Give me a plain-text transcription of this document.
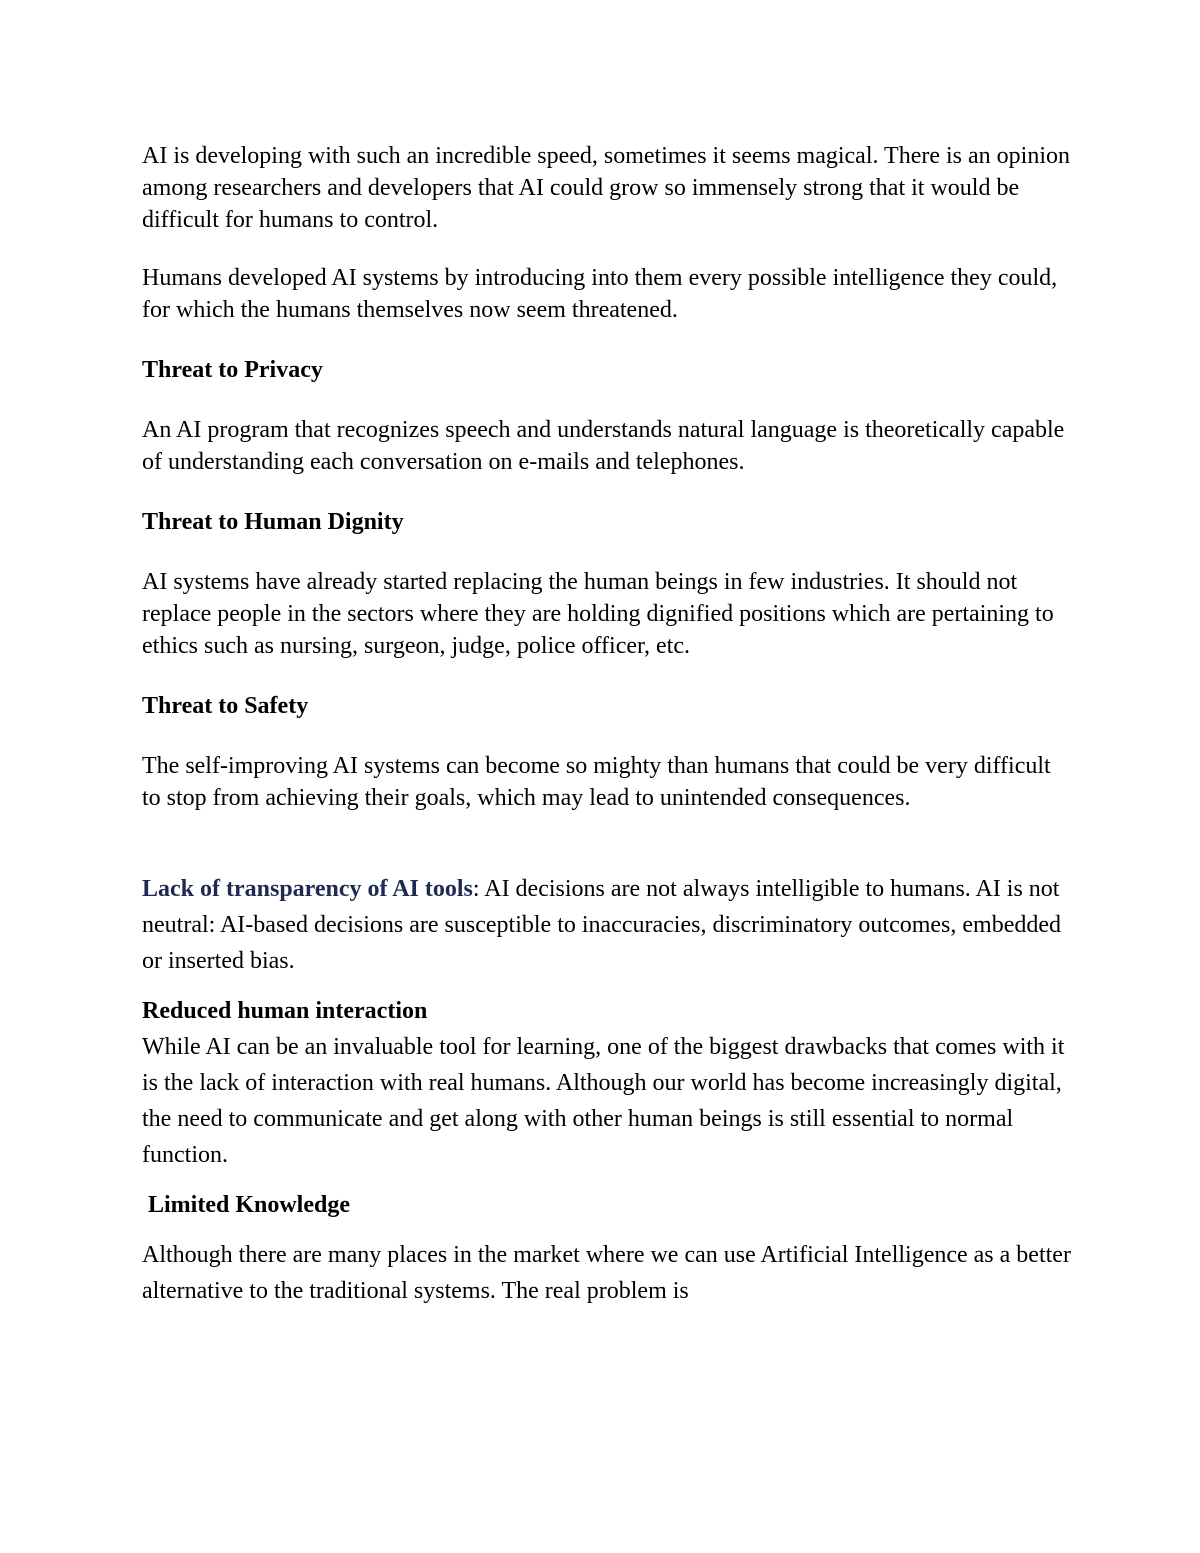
AI is developing with such an incredible speed, sometimes it seems magical. There is an opinion among researchers and developers that AI could grow so immensely strong that it would be difficult for humans to control.

Humans developed AI systems by introducing into them every possible intelligence they could, for which the humans themselves now seem threatened.

Threat to Privacy

An AI program that recognizes speech and understands natural language is theoretically capable of understanding each conversation on e-mails and telephones.

Threat to Human Dignity

AI systems have already started replacing the human beings in few industries. It should not replace people in the sectors where they are holding dignified positions which are pertaining to ethics such as nursing, surgeon, judge, police officer, etc.

Threat to Safety

The self-improving AI systems can become so mighty than humans that could be very difficult to stop from achieving their goals, which may lead to unintended consequences.

Lack of transparency of AI tools: AI decisions are not always intelligible to humans. AI is not neutral: AI-based decisions are susceptible to inaccuracies, discriminatory outcomes, embedded or inserted bias.

Reduced human interaction

While AI can be an invaluable tool for learning, one of the biggest drawbacks that comes with it is the lack of interaction with real humans. Although our world has become increasingly digital, the need to communicate and get along with other human beings is still essential to normal function.

Limited Knowledge

Although there are many places in the market where we can use Artificial Intelligence as a better alternative to the traditional systems. The real problem is
